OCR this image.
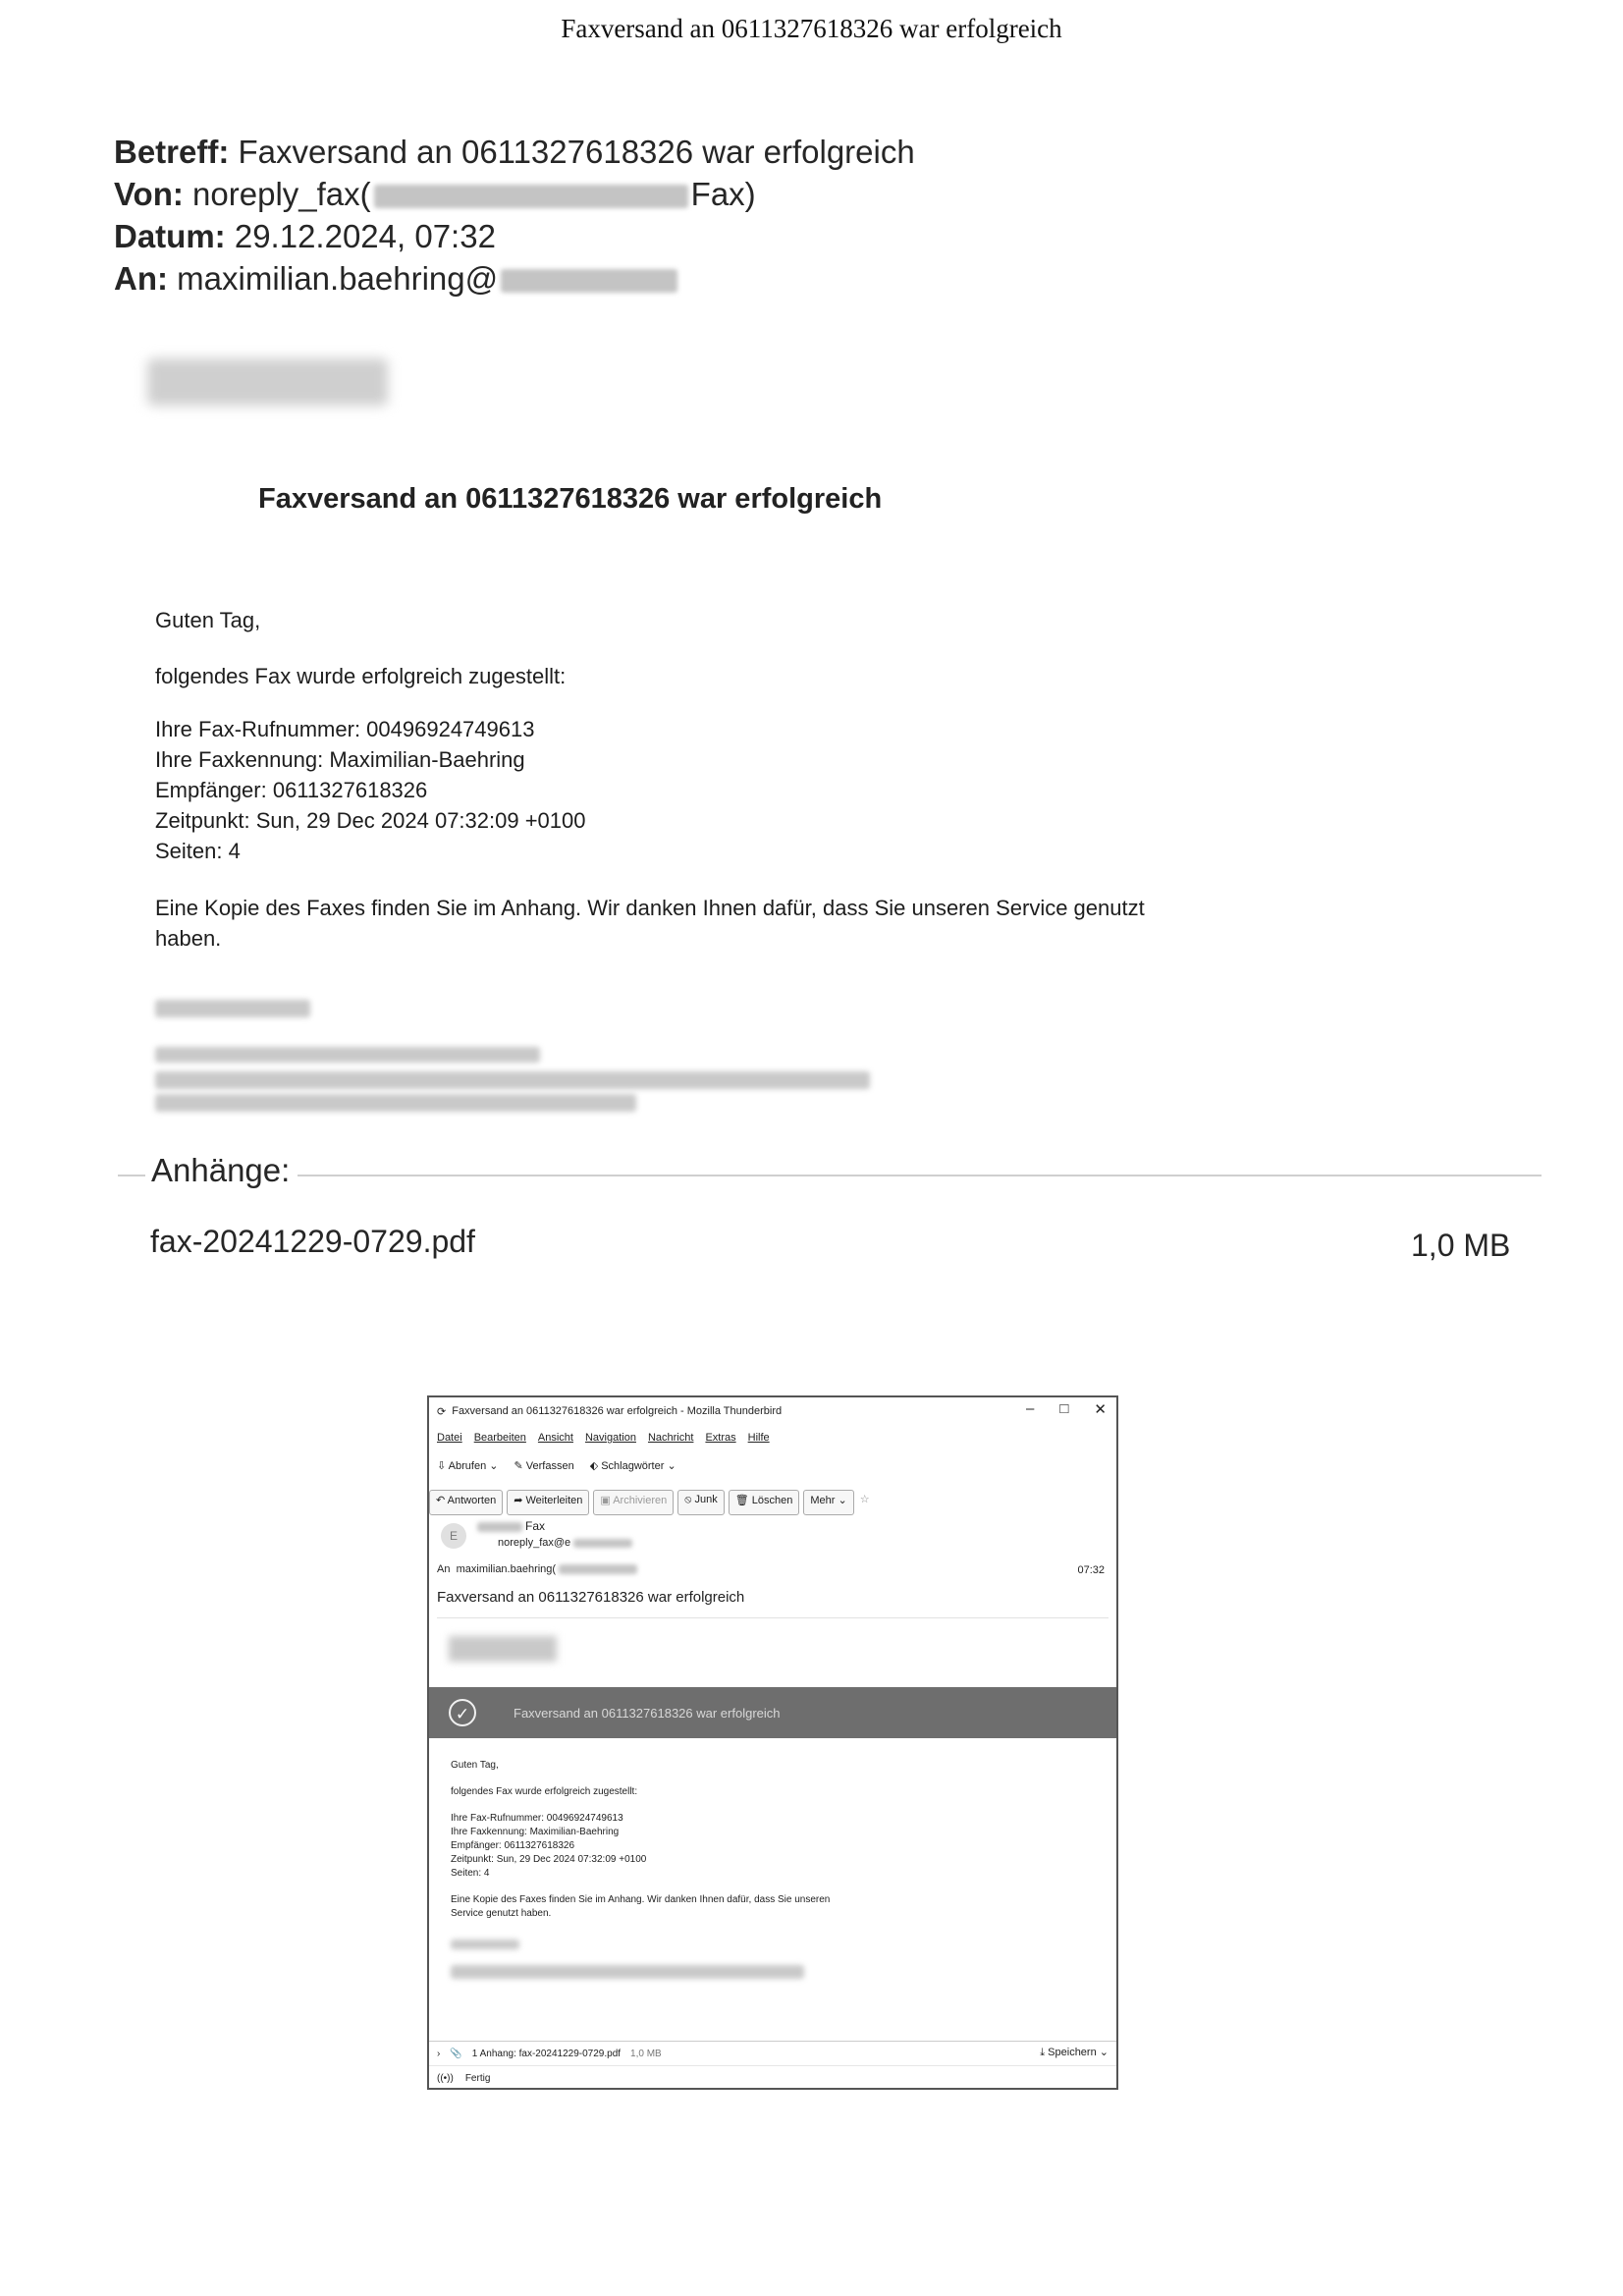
Faxversand an 0611327618326 war erfolgreich
Betreff: Faxversand an 0611327618326 war erfolgreich
Von: noreply_fax(	Fax)
Datum: 29.12.2024, 07:32
An: maximilian.baehring@
Faxversand an 0611327618326 war erfolgreich
Guten Tag,
folgendes Fax wurde erfolgreich zugestellt:
Ihre Fax-Rufnummer: 00496924749613
Ihre Faxkennung: Maximilian-Baehring
Empfänger: 0611327618326
Zeitpunkt: Sun, 29 Dec 2024 07:32:09 +0100
Seiten: 4
Eine Kopie des Faxes finden Sie im Anhang. Wir danken Ihnen dafür, dass Sie unseren Service genutzt
haben.
Anhänge:
fax-20241229-0729.pdf	1,0 MB
⟳ Faxversand an 0611327618326 war erfolgreich - Mozilla Thunderbird	– □ ✕
Datei Bearbeiten Ansicht Navigation Nachricht Extras Hilfe
⇩ Abrufen ⌄ ✎ Verfassen ⬖ Schlagwörter ⌄
↶ Antworten	➦ Weiterleiten	▣ Archivieren	⦸ Junk	🗑 Löschen	Mehr ⌄	☆
E
Fax
noreply_fax@e
An maximilian.baehring(	07:32
Faxversand an 0611327618326 war erfolgreich
✓	Faxversand an 0611327618326 war erfolgreich
Guten Tag,
folgendes Fax wurde erfolgreich zugestellt:
Ihre Fax-Rufnummer: 00496924749613
Ihre Faxkennung: Maximilian-Baehring
Empfänger: 0611327618326
Zeitpunkt: Sun, 29 Dec 2024 07:32:09 +0100
Seiten: 4
Eine Kopie des Faxes finden Sie im Anhang. Wir danken Ihnen dafür, dass Sie unseren
Service genutzt haben.
› 📎 1 Anhang: fax-20241229-0729.pdf 1,0 MB	⤓ Speichern ⌄
((•)) Fertig
